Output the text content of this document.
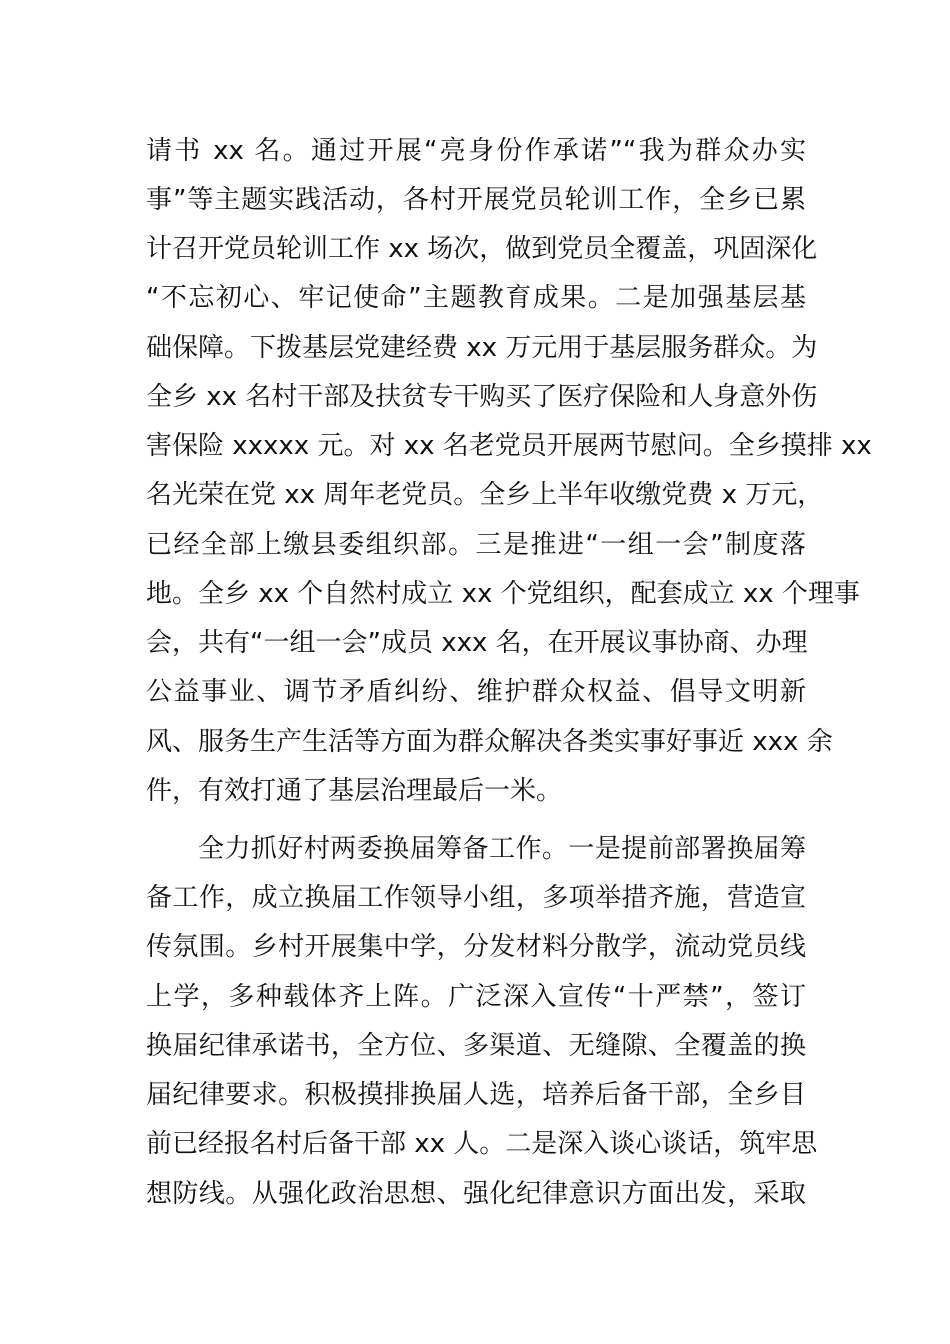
请书 xx 名。通过开展“亮身份作承诺”“我为群众办实
事”等主题实践活动，各村开展党员轮训工作，全乡已累
计召开党员轮训工作 xx 场次，做到党员全覆盖，巩固深化
“不忘初心、牢记使命”主题教育成果。二是加强基层基
础保障。下拨基层党建经费 xx 万元用于基层服务群众。为
全乡 xx 名村干部及扶贫专干购买了医疗保险和人身意外伤
害保险 xxxxx 元。对 xx 名老党员开展两节慰问。全乡摸排 xx
名光荣在党 xx 周年老党员。全乡上半年收缴党费 x 万元，
已经全部上缴县委组织部。三是推进“一组一会”制度落
地。全乡 xx 个自然村成立 xx 个党组织，配套成立 xx 个理事
会，共有“一组一会”成员 xxx 名，在开展议事协商、办理
公益事业、调节矛盾纠纷、维护群众权益、倡导文明新
风、服务生产生活等方面为群众解决各类实事好事近 xxx 余
件，有效打通了基层治理最后一米。
全力抓好村两委换届筹备工作。一是提前部署换届筹
备工作，成立换届工作领导小组，多项举措齐施，营造宣
传氛围。乡村开展集中学，分发材料分散学，流动党员线
上学，多种载体齐上阵。广泛深入宣传“十严禁”，签订
换届纪律承诺书，全方位、多渠道、无缝隙、全覆盖的换
届纪律要求。积极摸排换届人选，培养后备干部，全乡目
前已经报名村后备干部 xx 人。二是深入谈心谈话，筑牢思
想防线。从强化政治思想、强化纪律意识方面出发，采取
